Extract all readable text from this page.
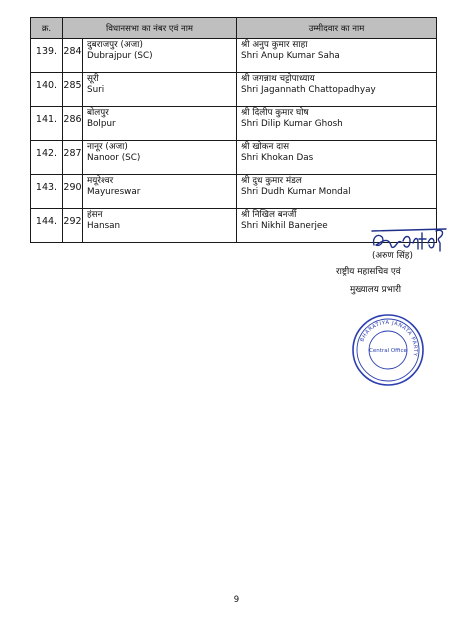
क्र.	विधानसभा का नंबर एवं नाम		उम्मीदवार का नाम
139.	284	दुबराजपुर (अजा)
Dubrajpur (SC)	श्री अनुप कुमार साहा
Shri Anup Kumar Saha

140.	285	सूरी
Suri	श्री जगन्नाथ चट्टोपाध्याय
Shri Jagannath Chattopadhyay

141.	286	बोलपुर
Bolpur	श्री दिलीप कुमार घोष
Shri Dilip Kumar Ghosh

142.	287	नानूर (अजा)
Nanoor (SC)	श्री खोकन दास
Shri Khokan Das

143.	290	मयूरेश्वर
Mayureswar	श्री दुध कुमार मंडल
Shri Dudh Kumar Mondal

144.	292	हंसन
Hansan	श्री निखिल बनर्जी
Shri Nikhil Banerjee
(अरुण सिंह)
राष्ट्रीय महासचिव एवं
मुख्यालय प्रभारी
BHARATIYA JANATA PARTY
Central Office
9
